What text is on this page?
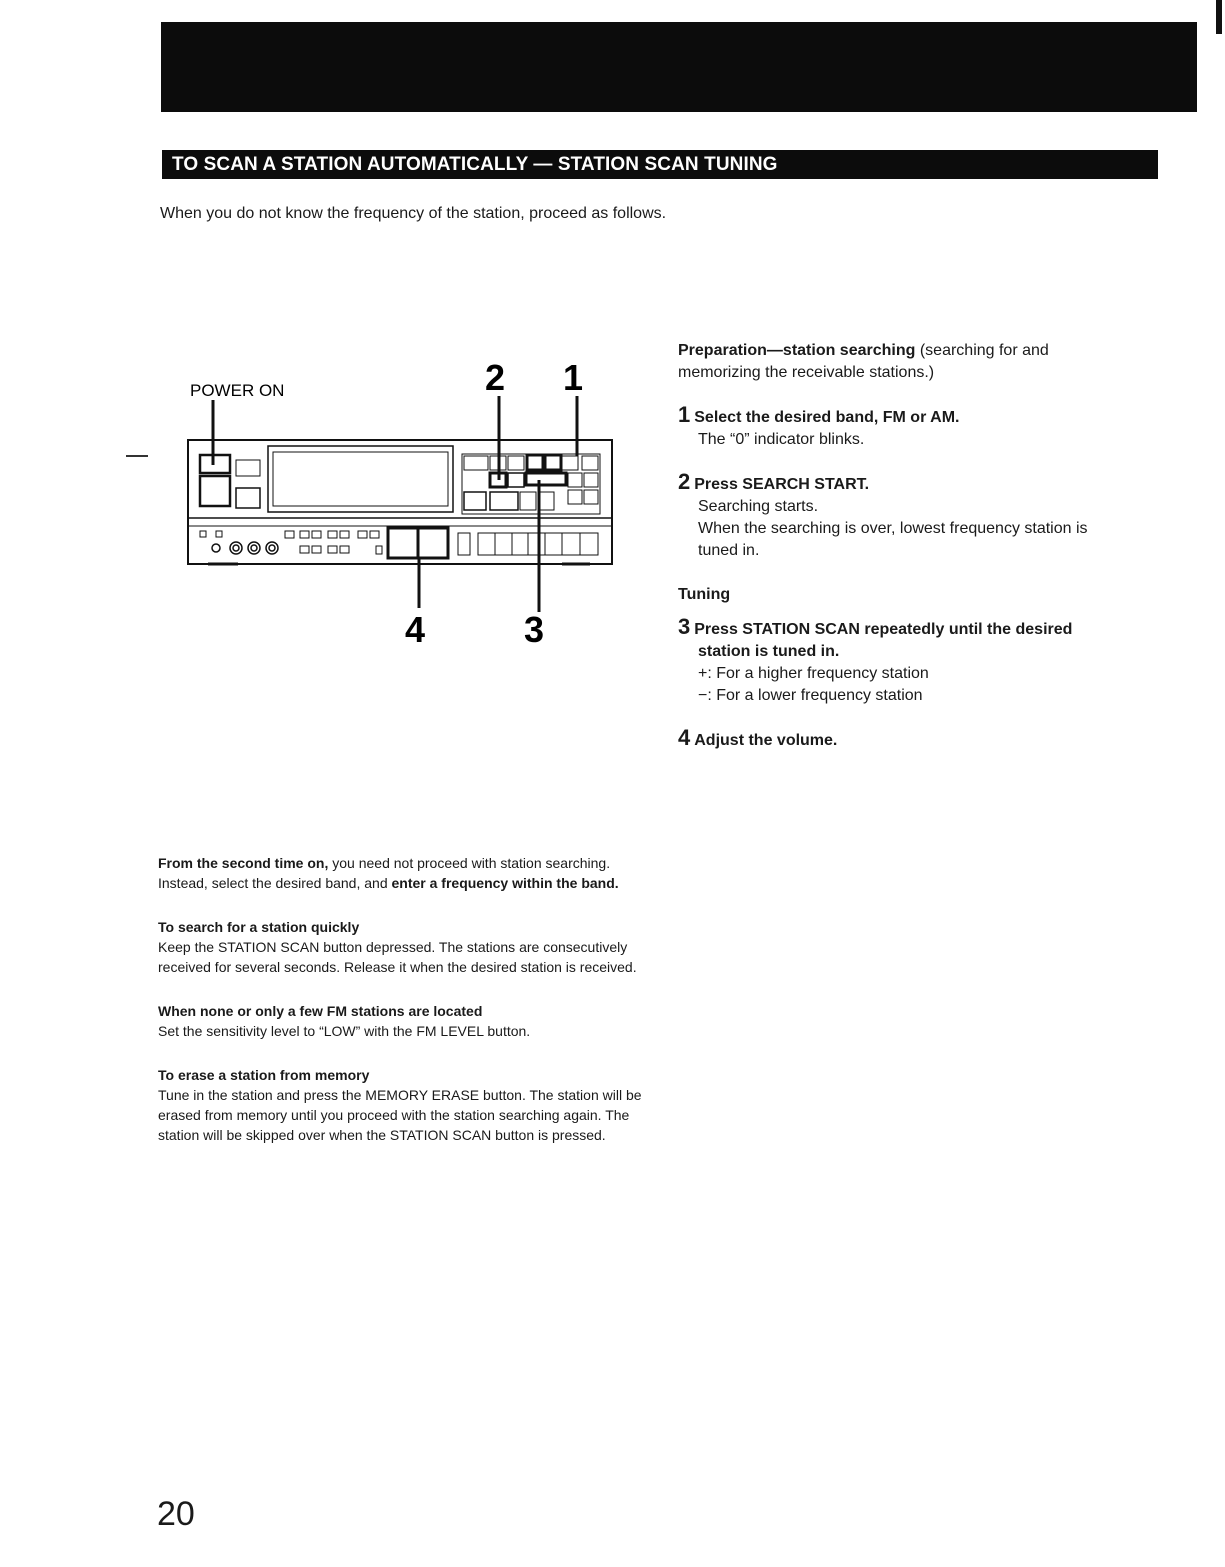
TO SCAN A STATION AUTOMATICALLY — STATION SCAN TUNING
When you do not know the frequency of the station, proceed as follows.
POWER ON	2 1
4	3

Preparation—station searching (searching for and memorizing the receivable stations.)

1 Select the desired band, FM or AM.
The “0” indicator blinks.
2 Press SEARCH START.
Searching starts.
When the searching is over, lowest frequency station is tuned in.
Tuning
3 Press STATION SCAN repeatedly until the desired station is tuned in.
+: For a higher frequency station
−: For a lower frequency station
4 Adjust the volume.

From the second time on, you need not proceed with station searching. Instead, select the desired band, and enter a frequency within the band.

To search for a station quickly

Keep the STATION SCAN button depressed. The stations are consecutively received for several seconds. Release it when the desired station is received.

When none or only a few FM stations are located

Set the sensitivity level to “LOW” with the FM LEVEL button.

To erase a station from memory

Tune in the station and press the MEMORY ERASE button. The station will be erased from memory until you proceed with the station searching again. The station will be skipped over when the STATION SCAN button is pressed.

20
